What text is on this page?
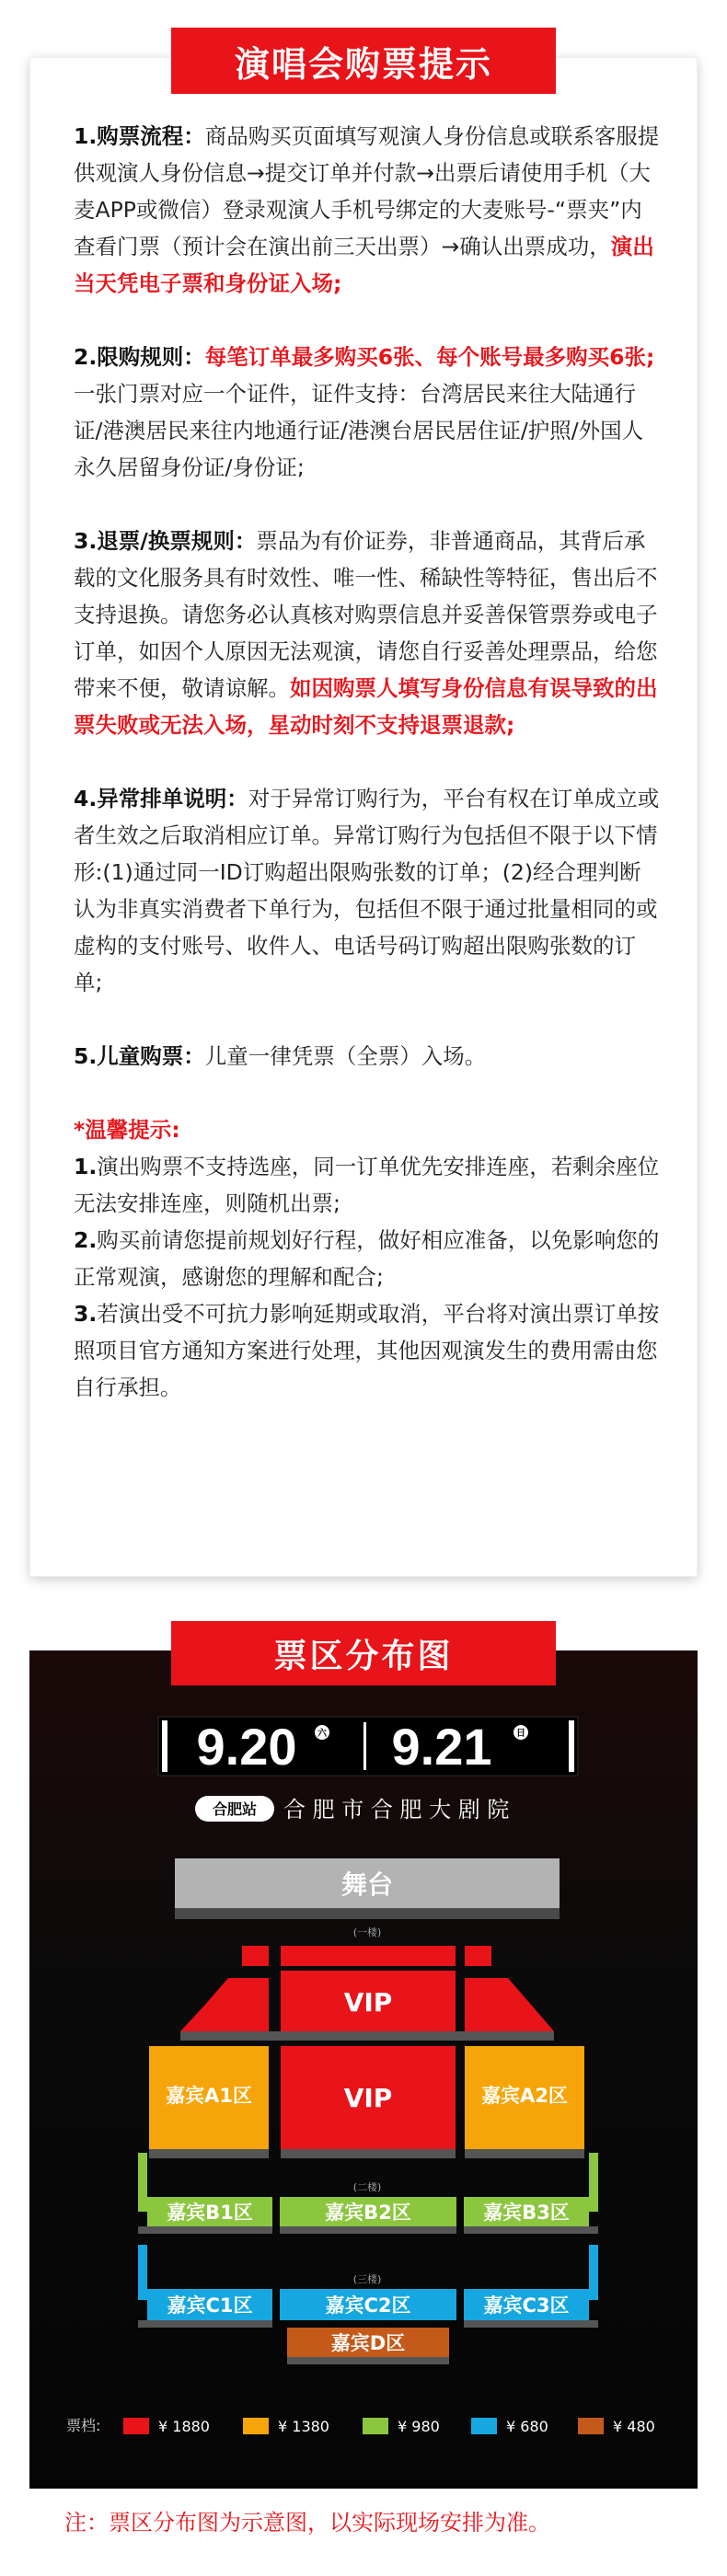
演唱会购票提示

1.购票流程：商品购买页面填写观演人身份信息或联系客服提供观演人身份信息→提交订单并付款→出票后请使用手机（大麦APP或微信）登录观演人手机号绑定的大麦账号-“票夹”内查看门票（预计会在演出前三天出票）→确认出票成功，演出当天凭电子票和身份证入场;

2.限购规则：每笔订单最多购买6张、每个账号最多购买6张;一张门票对应一个证件，证件支持：台湾居民来往大陆通行证/港澳居民来往内地通行证/港澳台居民居住证/护照/外国人永久居留身份证/身份证;

3.退票/换票规则：票品为有价证券，非普通商品，其背后承载的文化服务具有时效性、唯一性、稀缺性等特征，售出后不支持退换。请您务必认真核对购票信息并妥善保管票券或电子订单，如因个人原因无法观演，请您自行妥善处理票品，给您带来不便，敬请谅解。如因购票人填写身份信息有误导致的出票失败或无法入场，星动时刻不支持退票退款;

4.异常排单说明：对于异常订购行为，平台有权在订单成立或者生效之后取消相应订单。异常订购行为包括但不限于以下情形:(1)通过同一ID订购超出限购张数的订单；(2)经合理判断认为非真实消费者下单行为，包括但不限于通过批量相同的或虚构的支付账号、收件人、电话号码订购超出限购张数的订单;

5.儿童购票：儿童一律凭票（全票）入场。

*温馨提示:
1.演出购票不支持选座，同一订单优先安排连座，若剩余座位无法安排连座，则随机出票;
2.购买前请您提前规划好行程，做好相应准备，以免影响您的正常观演，感谢您的理解和配合;
3.若演出受不可抗力影响延期或取消，平台将对演出票订单按照项目官方通知方案进行处理，其他因观演发生的费用需由您自行承担。
票区分布图
9.20 六 9.21	日
合肥站 合 肥 市 合 肥 大 剧 院
舞台
(一楼)
VIP
嘉宾A1区	VIP	嘉宾A2区
(二楼)
嘉宾B1区	嘉宾B2区	嘉宾B3区
(三楼)
嘉宾C1区	嘉宾C2区	嘉宾C3区
嘉宾D区
票档:	¥ 1880	¥ 1380	¥ 980	¥ 680	¥ 480
注：票区分布图为示意图，以实际现场安排为准。
